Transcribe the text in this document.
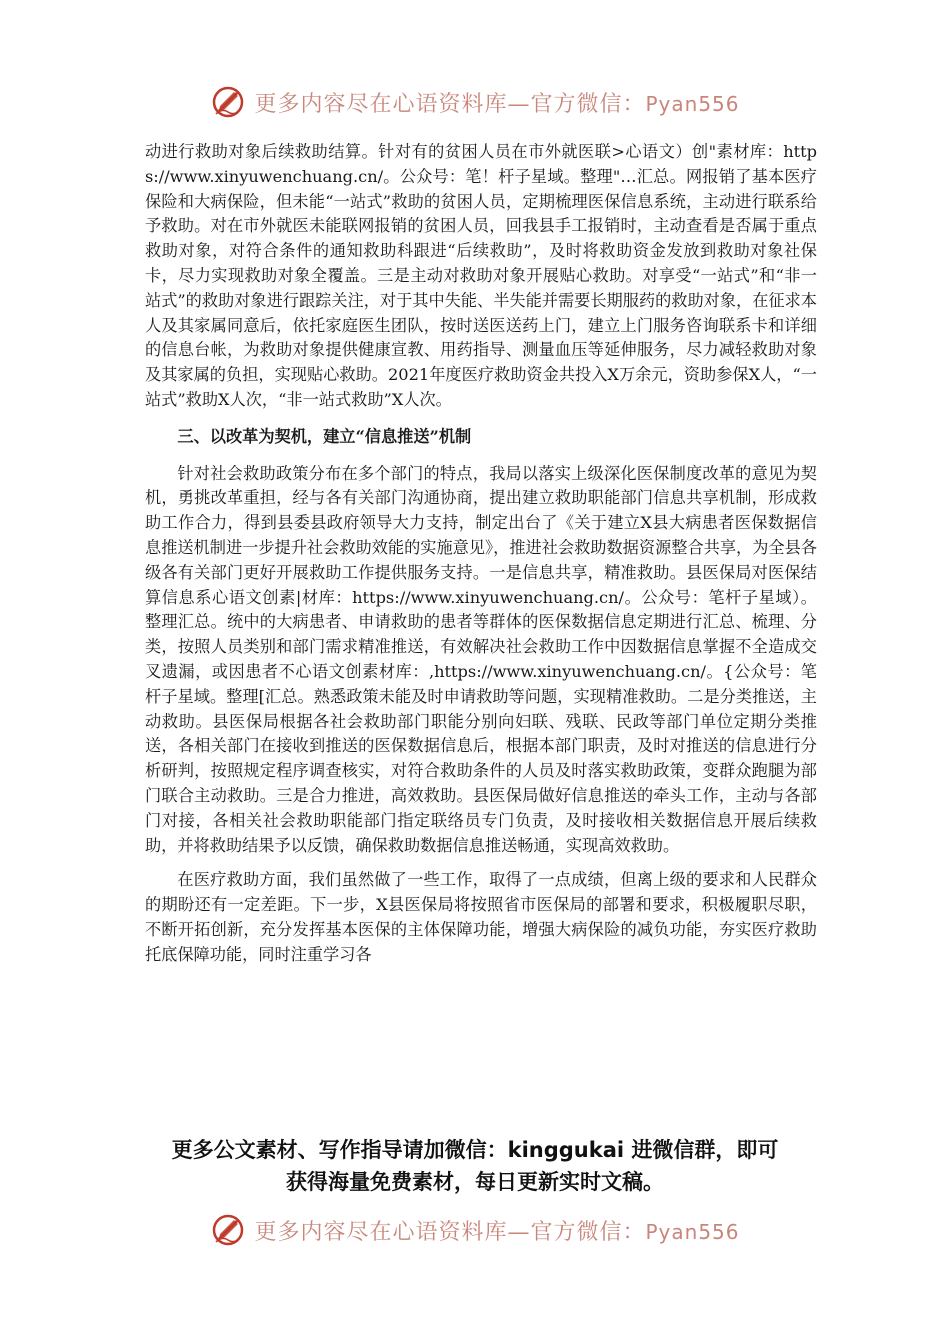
更多内容尽在心语资料库—官方微信：Pyan556

动进行救助对象后续救助结算。针对有的贫困人员在市外就医联>心语文）创"素材库：https://www.xinyuwenchuang.cn/。公众号：笔！杆子星域。整理"…汇总。网报销了基本医疗保险和大病保险，但未能“一站式”救助的贫困人员，定期梳理医保信息系统，主动进行联系给予救助。对在市外就医未能联网报销的贫困人员，回我县手工报销时，主动查看是否属于重点救助对象，对符合条件的通知救助科跟进“后续救助”，及时将救助资金发放到救助对象社保卡，尽力实现救助对象全覆盖。三是主动对救助对象开展贴心救助。对享受“一站式”和“非一站式”的救助对象进行跟踪关注，对于其中失能、半失能并需要长期服药的救助对象，在征求本人及其家属同意后，依托家庭医生团队，按时送医送药上门，建立上门服务咨询联系卡和详细的信息台帐，为救助对象提供健康宣教、用药指导、测量血压等延伸服务，尽力减轻救助对象及其家属的负担，实现贴心救助。2021年度医疗救助资金共投入X万余元，资助参保X人，“一站式”救助X人次，“非一站式救助”X人次。

三、以改革为契机，建立“信息推送”机制

针对社会救助政策分布在多个部门的特点，我局以落实上级深化医保制度改革的意见为契机，勇挑改革重担，经与各有关部门沟通协商，提出建立救助职能部门信息共享机制，形成救助工作合力，得到县委县政府领导大力支持，制定出台了《关于建立X县大病患者医保数据信息推送机制进一步提升社会救助效能的实施意见》，推进社会救助数据资源整合共享，为全县各级各有关部门更好开展救助工作提供服务支持。一是信息共享，精准救助。县医保局对医保结算信息系心语文创素|材库：https://www.xinyuwenchuang.cn/。公众号：笔杆子星域）。整理汇总。统中的大病患者、申请救助的患者等群体的医保数据信息定期进行汇总、梳理、分类，按照人员类别和部门需求精准推送，有效解决社会救助工作中因数据信息掌握不全造成交叉遗漏，或因患者不心语文创素材库：,https://www.xinyuwenchuang.cn/。{公众号：笔杆子星域。整理[汇总。熟悉政策未能及时申请救助等问题，实现精准救助。二是分类推送，主动救助。县医保局根据各社会救助部门职能分别向妇联、残联、民政等部门单位定期分类推送，各相关部门在接收到推送的医保数据信息后，根据本部门职责，及时对推送的信息进行分析研判，按照规定程序调查核实，对符合救助条件的人员及时落实救助政策，变群众跑腿为部门联合主动救助。三是合力推进，高效救助。县医保局做好信息推送的牵头工作，主动与各部门对接，各相关社会救助职能部门指定联络员专门负责，及时接收相关数据信息开展后续救助，并将救助结果予以反馈，确保救助数据信息推送畅通，实现高效救助。

在医疗救助方面，我们虽然做了一些工作，取得了一点成绩，但离上级的要求和人民群众的期盼还有一定差距。下一步，X县医保局将按照省市医保局的部署和要求，积极履职尽职，不断开拓创新，充分发挥基本医保的主体保障功能，增强大病保险的减负功能，夯实医疗救助托底保障功能，同时注重学习各

更多公文素材、写作指导请加微信：kinggukai 进微信群，即可
获得海量免费素材，每日更新实时文稿。
更多内容尽在心语资料库—官方微信：Pyan556
